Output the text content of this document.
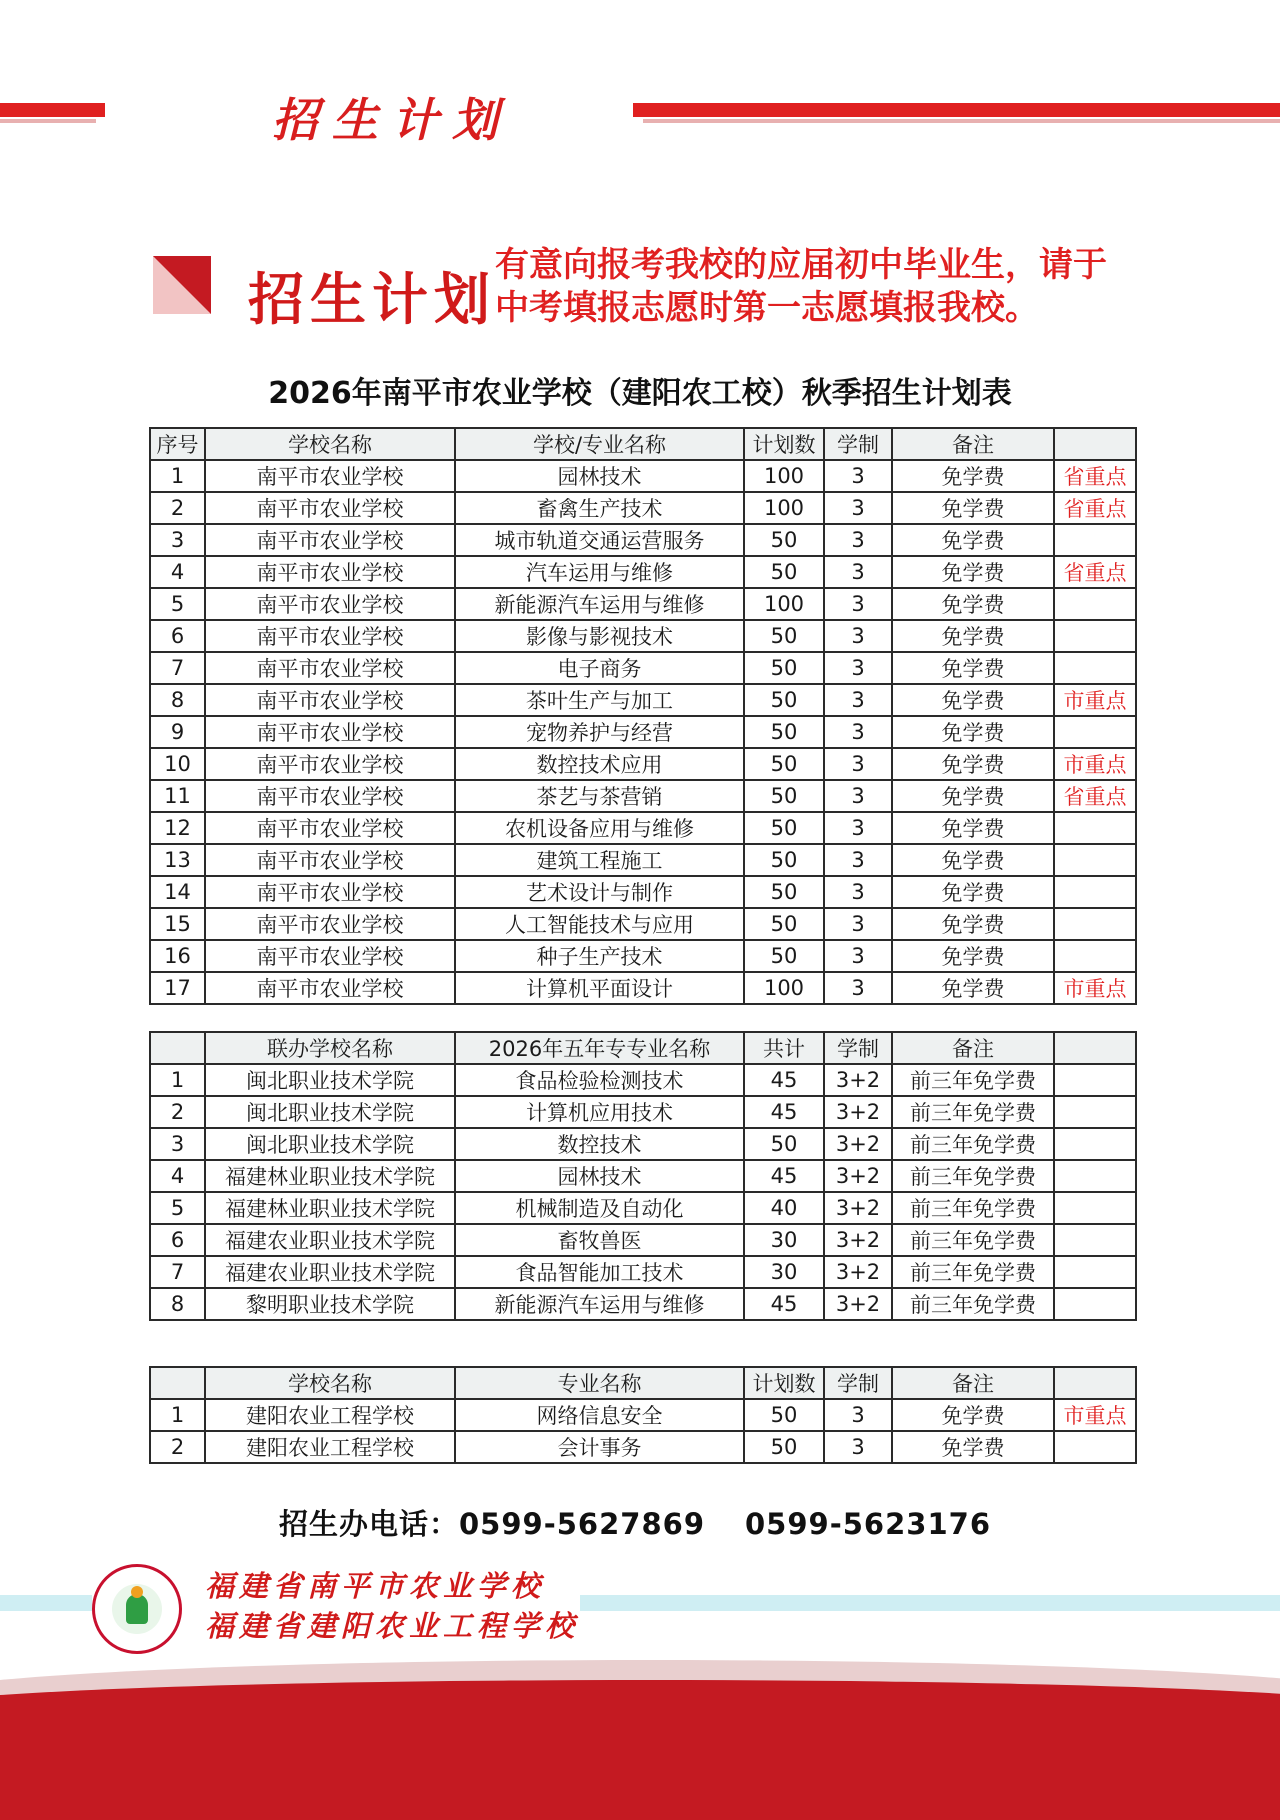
招生计划
招生计划
有意向报考我校的应届初中毕业生，请于
中考填报志愿时第一志愿填报我校。
2026年南平市农业学校（建阳农工校）秋季招生计划表
序号	学校名称	学校/专业名称	计划数	学制	备注	
1	南平市农业学校	园林技术	100	3	免学费	省重点
2	南平市农业学校	畜禽生产技术	100	3	免学费	省重点
3	南平市农业学校	城市轨道交通运营服务	50	3	免学费	
4	南平市农业学校	汽车运用与维修	50	3	免学费	省重点
5	南平市农业学校	新能源汽车运用与维修	100	3	免学费	
6	南平市农业学校	影像与影视技术	50	3	免学费	
7	南平市农业学校	电子商务	50	3	免学费	
8	南平市农业学校	茶叶生产与加工	50	3	免学费	市重点
9	南平市农业学校	宠物养护与经营	50	3	免学费	
10	南平市农业学校	数控技术应用	50	3	免学费	市重点
11	南平市农业学校	茶艺与茶营销	50	3	免学费	省重点
12	南平市农业学校	农机设备应用与维修	50	3	免学费	
13	南平市农业学校	建筑工程施工	50	3	免学费	
14	南平市农业学校	艺术设计与制作	50	3	免学费	
15	南平市农业学校	人工智能技术与应用	50	3	免学费	
16	南平市农业学校	种子生产技术	50	3	免学费	
17	南平市农业学校	计算机平面设计	100	3	免学费	市重点
	联办学校名称	2026年五年专专业名称	共计	学制	备注	
1	闽北职业技术学院	食品检验检测技术	45	3+2	前三年免学费	
2	闽北职业技术学院	计算机应用技术	45	3+2	前三年免学费	
3	闽北职业技术学院	数控技术	50	3+2	前三年免学费	
4	福建林业职业技术学院	园林技术	45	3+2	前三年免学费	
5	福建林业职业技术学院	机械制造及自动化	40	3+2	前三年免学费	
6	福建农业职业技术学院	畜牧兽医	30	3+2	前三年免学费	
7	福建农业职业技术学院	食品智能加工技术	30	3+2	前三年免学费	
8	黎明职业技术学院	新能源汽车运用与维修	45	3+2	前三年免学费	
	学校名称	专业名称	计划数	学制	备注	
1	建阳农业工程学校	网络信息安全	50	3	免学费	市重点
2	建阳农业工程学校	会计事务	50	3	免学费	
招生办电话：0599-5627869 0599-5623176
福建省南平市农业学校
福建省建阳农业工程学校
